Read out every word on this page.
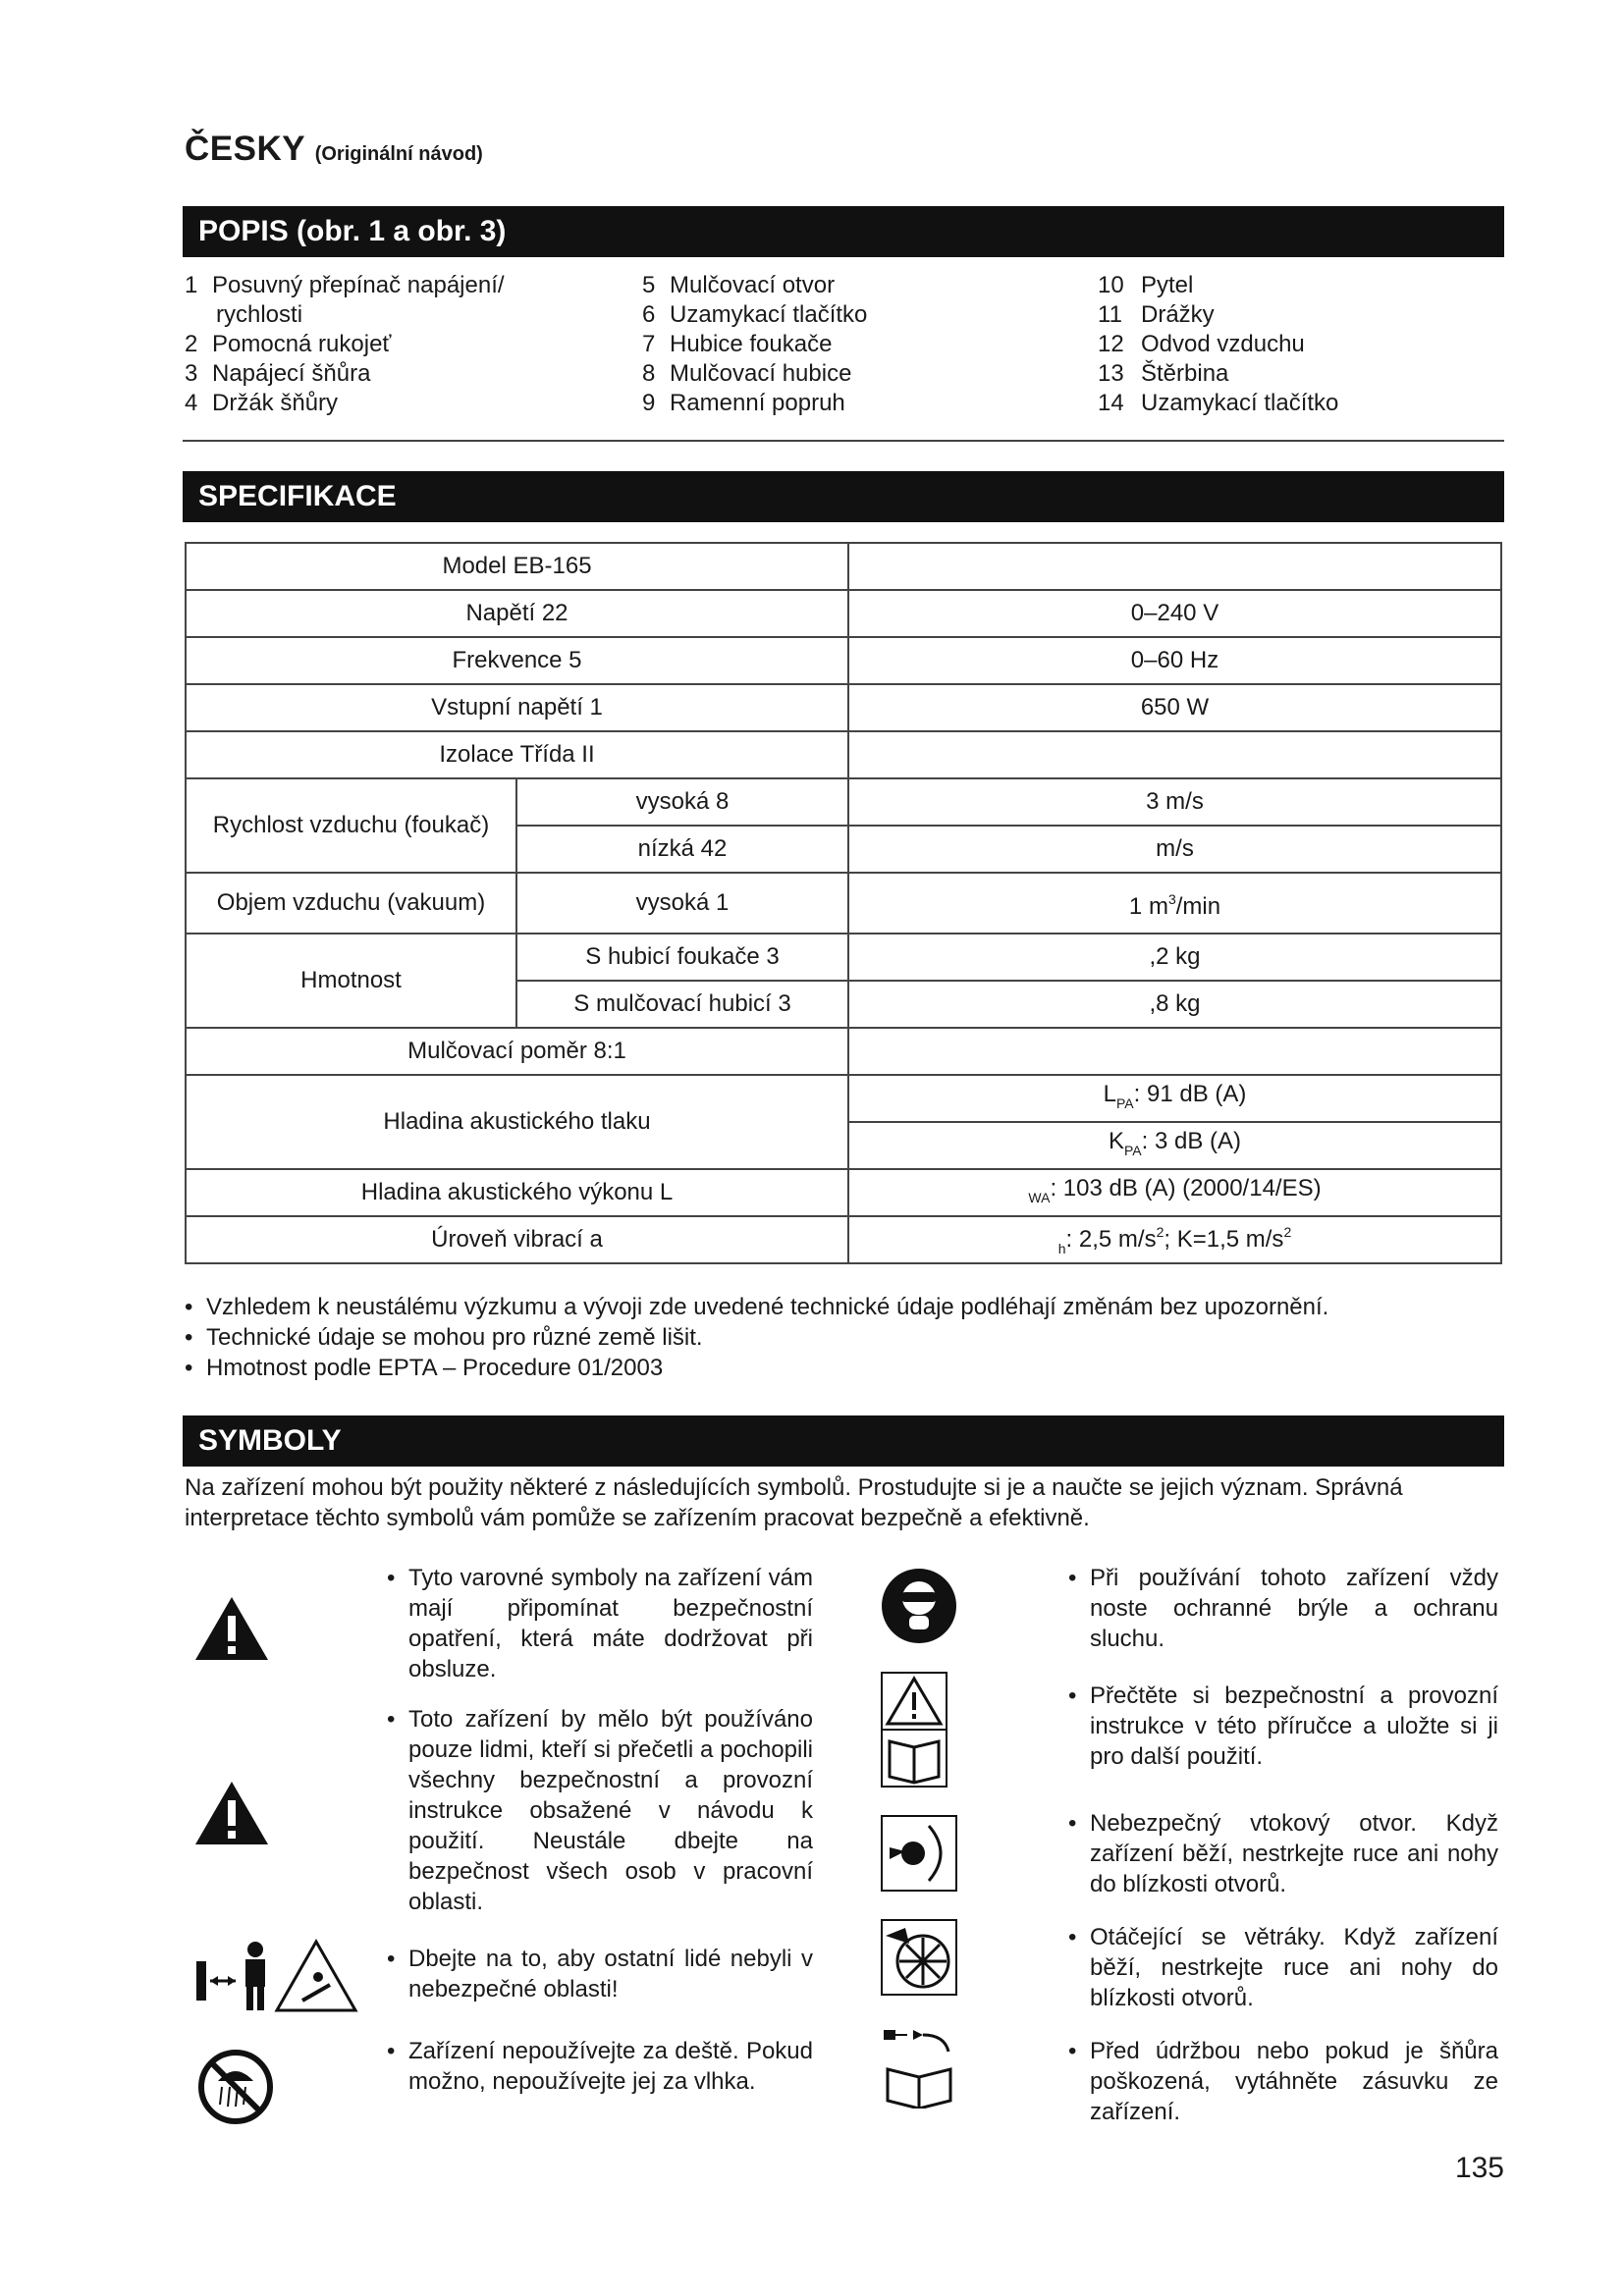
ČESKY (Originální návod)
POPIS (obr. 1 a obr. 3)
1 Posuvný přepínač napájení/
rychlosti
2 Pomocná rukojeť
3 Napájecí šňůra
4 Držák šňůry
5 Mulčovací otvor
6 Uzamykací tlačítko
7 Hubice foukače
8 Mulčovací hubice
9 Ramenní popruh
10 Pytel
11 Drážky
12 Odvod vzduchu
13 Štěrbina
14 Uzamykací tlačítko
SPECIFIKACE
Model EB-165		
Napětí 22		0–240 V
Frekvence 5		0–60 Hz
Vstupní napětí 1		650 W
Izolace Třída II		
Rychlost vzduchu (foukač)	vysoká 8	3 m/s
	nízká 42	m/s
Objem vzduchu (vakuum)	vysoká 1	1 $m^3/\min$
Hmotnost	S hubicí foukače 3	,2 kg
	S mulčovací hubicí 3	,8 kg
Mulčovací poměr 8:1		
Hladina akustického tlaku		$L_{PA}$: 91 dB (A)
		$K_{PA}$: 3 dB (A)
Hladina akustického výkonu L		$_{WA}$: 103 dB (A) (2000/14/ES)
Úroveň vibrací a		$_h$: 2,5 $m/s^2$; K=1,5 $m/s^2$
• Vzhledem k neustálému výzkumu a vývoji zde uvedené technické údaje podléhají změnám bez upozornění.
• Technické údaje se mohou pro různé země lišit.
• Hmotnost podle EPTA – Procedure 01/2003
SYMBOLY
Na zařízení mohou být použity některé z následujících symbolů. Prostudujte si je a naučte se jejich význam. Správná interpretace těchto symbolů vám pomůže se zařízením pracovat bezpečně a efektivně.
• Tyto varovné symboly na zařízení vám mají připomínat bezpečnostní opatření, která máte dodržovat při obsluze.
• Toto zařízení by mělo být používáno pouze lidmi, kteří si přečetli a pochopili všechny bezpečnostní a provozní instrukce obsažené v návodu k použití. Neustále dbejte na bezpečnost všech osob v pracovní oblasti.
• Dbejte na to, aby ostatní lidé nebyli v nebezpečné oblasti!
• Zařízení nepoužívejte za deště. Pokud možno, nepoužívejte jej za vlhka.
• Při používání tohoto zařízení vždy noste ochranné brýle a ochranu sluchu.
• Přečtěte si bezpečnostní a provozní instrukce v této příručce a uložte si ji pro další použití.
• Nebezpečný vtokový otvor. Když zařízení běží, nestrkejte ruce ani nohy do blízkosti otvorů.
• Otáčející se větráky. Když zařízení běží, nestrkejte ruce ani nohy do blízkosti otvorů.
• Před údržbou nebo pokud je šňůra poškozená, vytáhněte zásuvku ze zařízení.
135
